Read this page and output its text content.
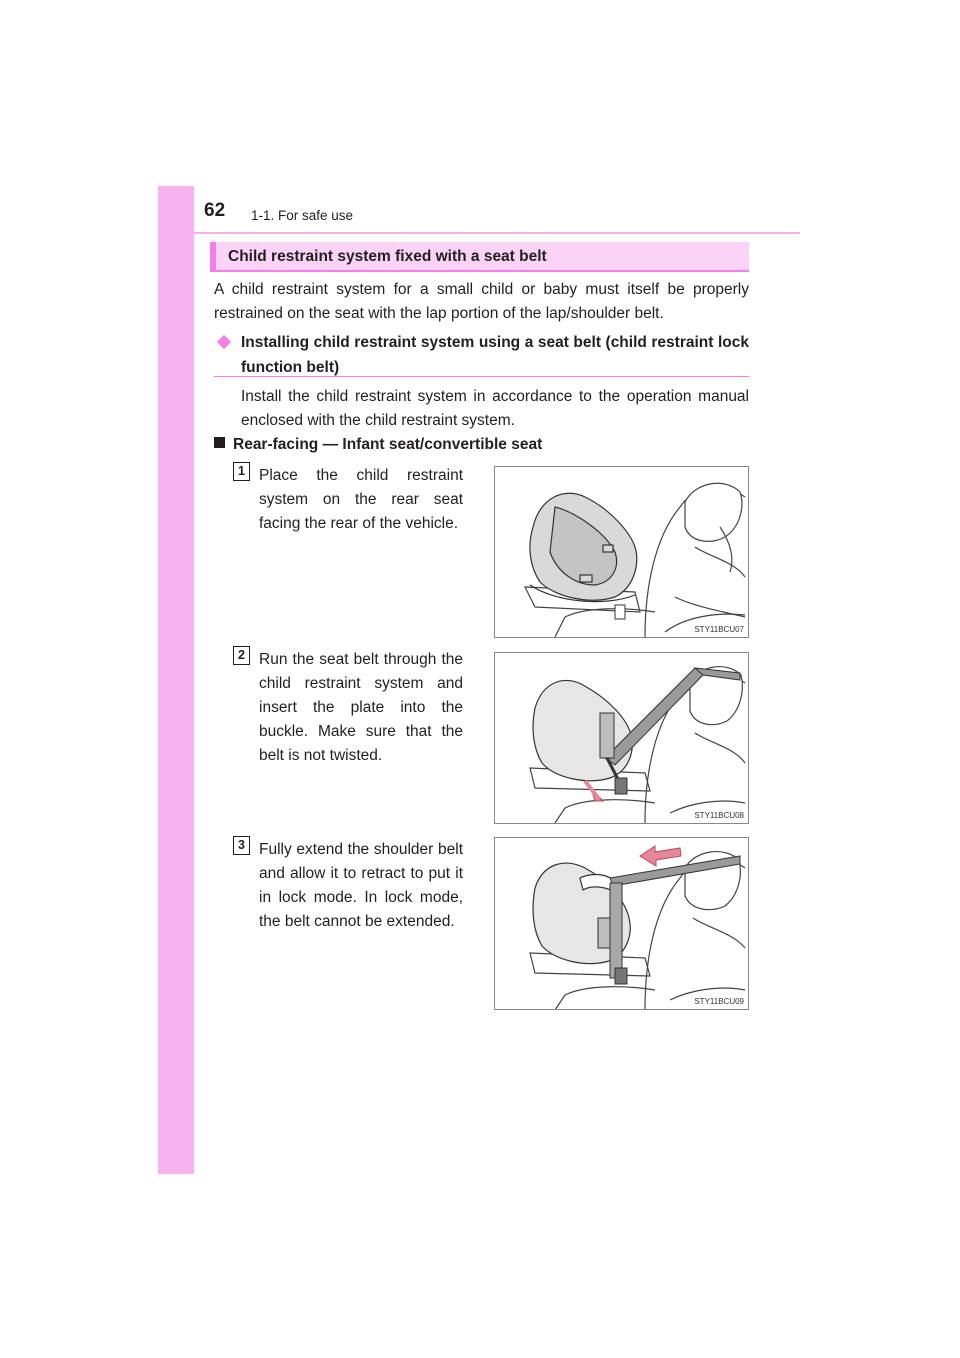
62 1-1. For safe use
Child restraint system fixed with a seat belt
A child restraint system for a small child or baby must itself be properly restrained on the seat with the lap portion of the lap/shoulder belt.
Installing child restraint system using a seat belt (child restraint lock function belt)
Install the child restraint system in accordance to the operation manual enclosed with the child restraint system.
Rear-facing — Infant seat/convertible seat
1 Place the child restraint system on the rear seat facing the rear of the vehicle.
STY11BCU07
2 Run the seat belt through the child restraint system and insert the plate into the buckle. Make sure that the belt is not twisted.
STY11BCU08
3 Fully extend the shoulder belt and allow it to retract to put it in lock mode. In lock mode, the belt cannot be extended.
STY11BCU09
